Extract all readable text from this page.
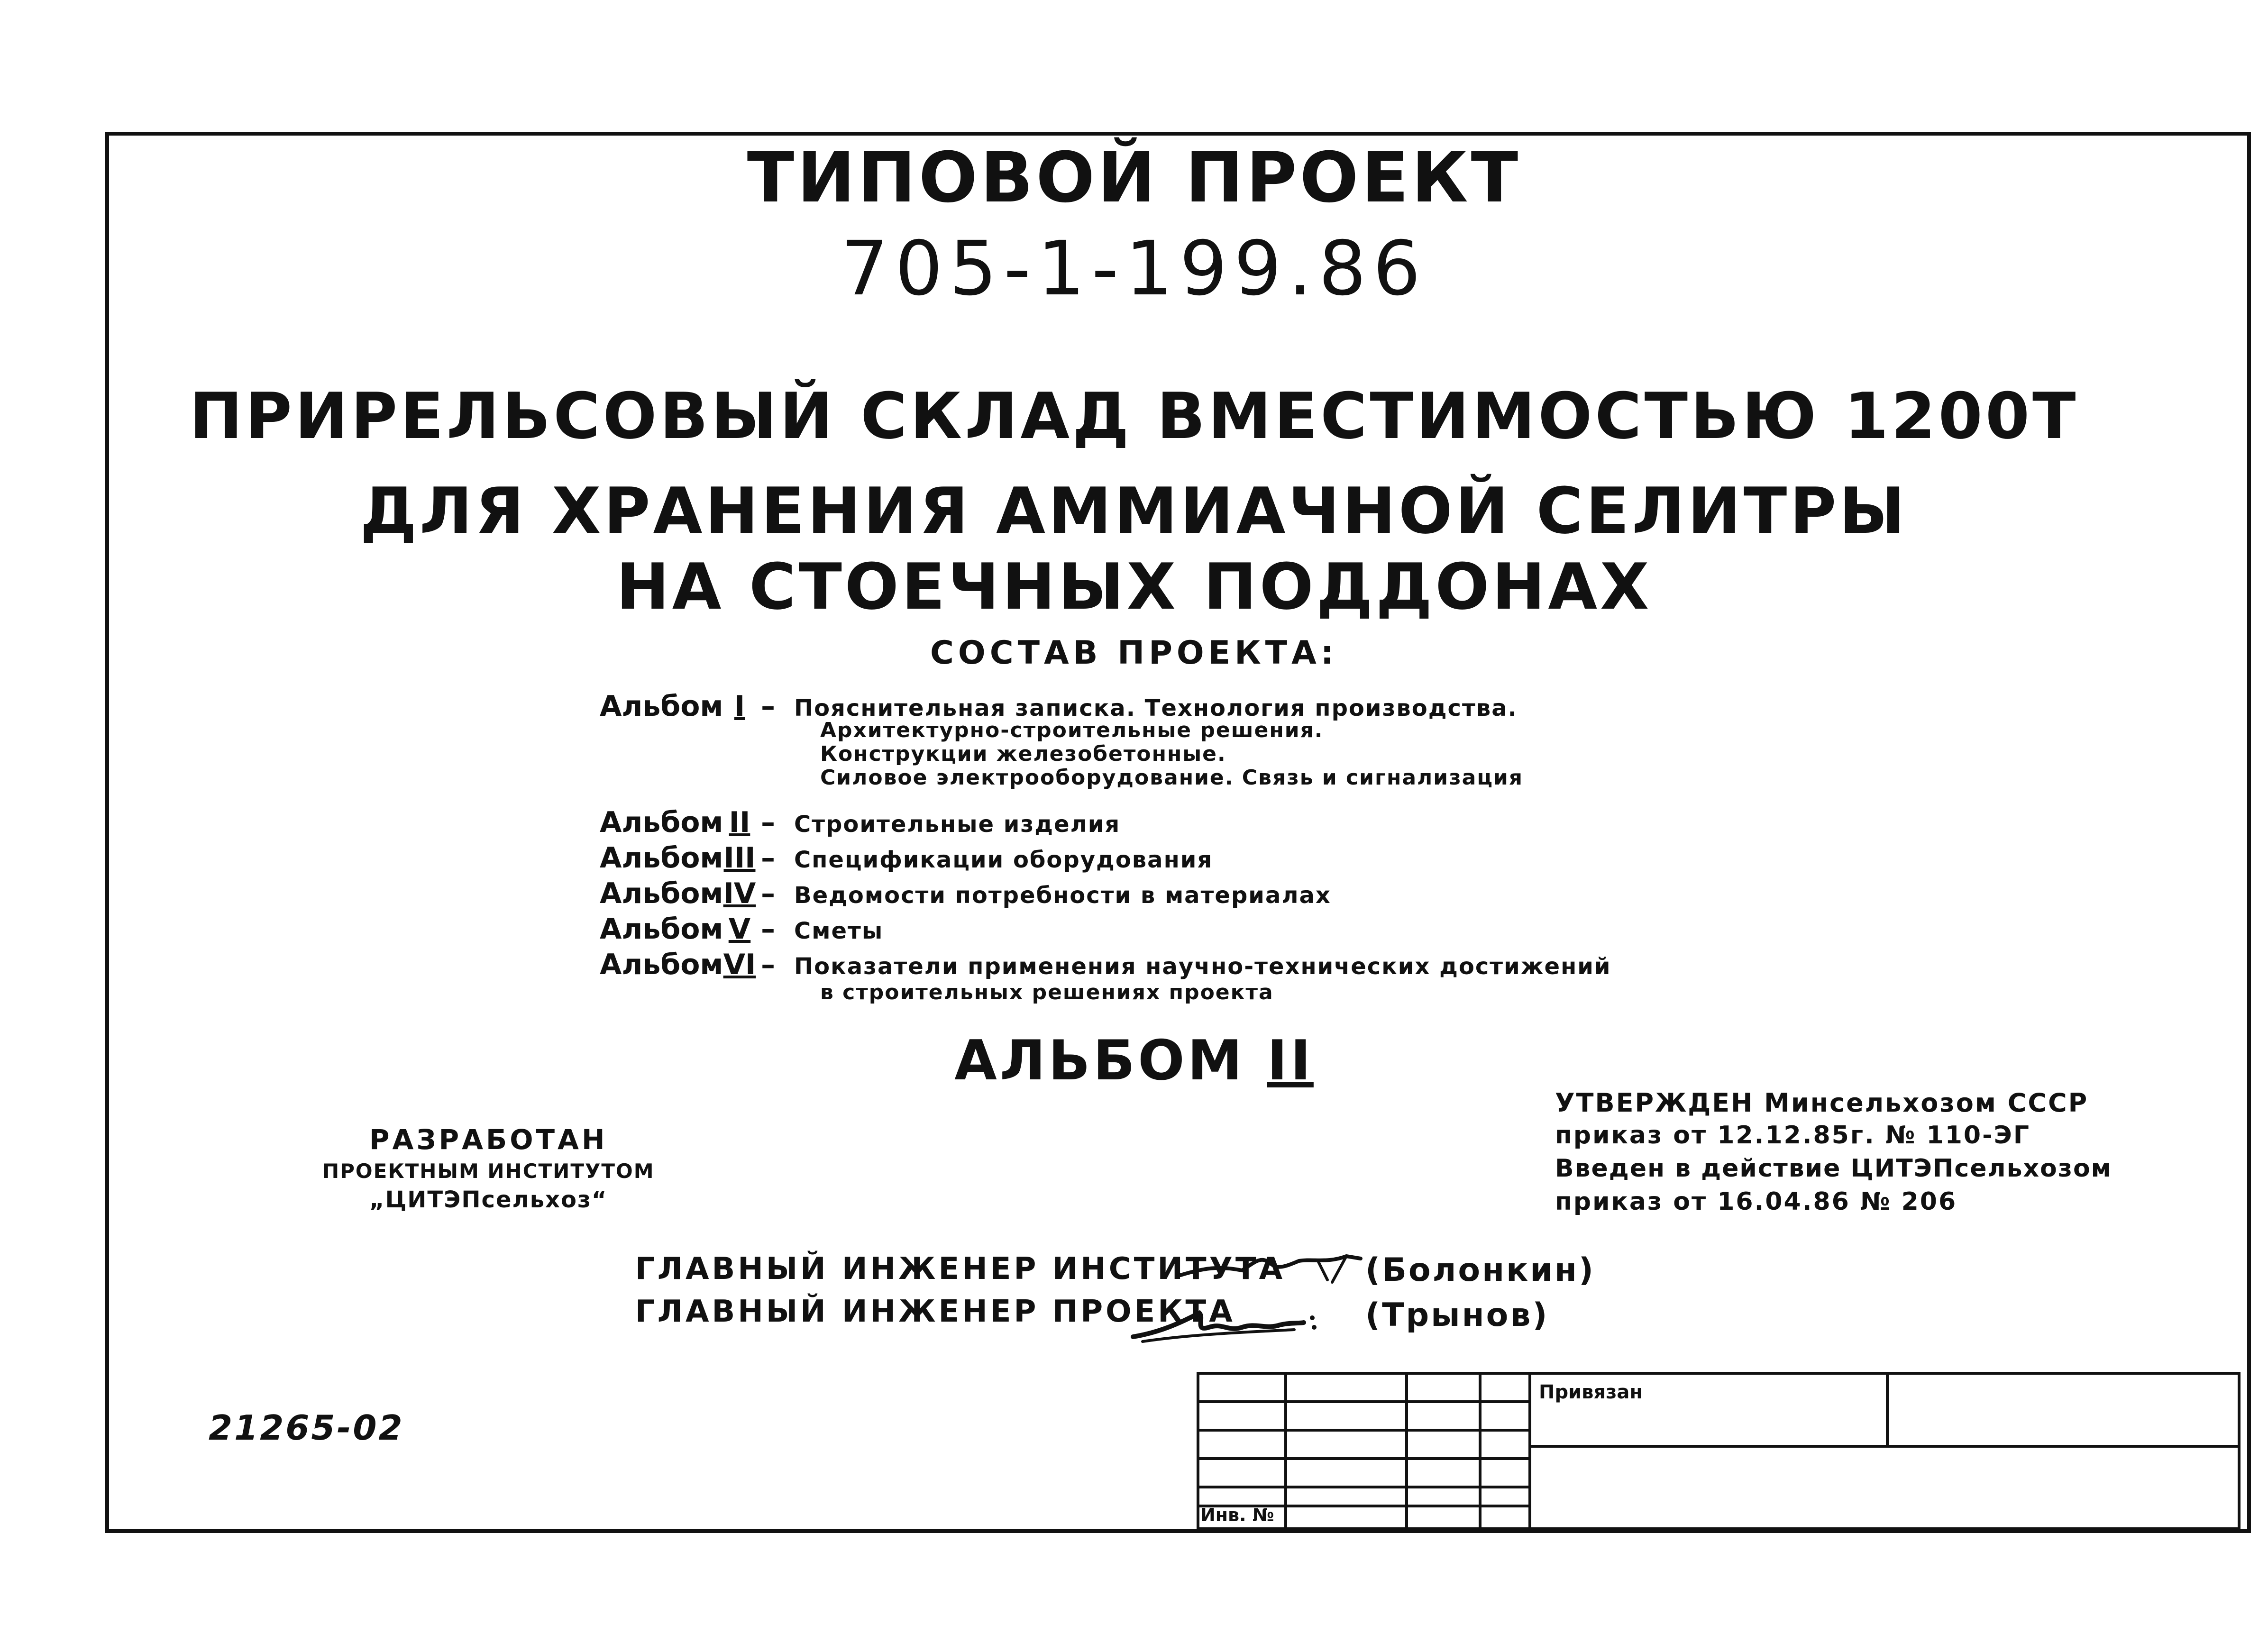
ТИПОВОЙ ПРОЕКТ
705-1-199.86
ПРИРЕЛЬСОВЫЙ СКЛАД ВМЕСТИМОСТЬЮ 1200Т
ДЛЯ ХРАНЕНИЯ АММИАЧНОЙ СЕЛИТРЫ
НА СТОЕЧНЫХ ПОДДОНАХ
СОСТАВ ПРОЕКТА:
Альбом I – Пояснительная записка. Технология производства.
Архитектурно-строительные решения.
Конструкции железобетонные.
Силовое электрооборудование. Связь и сигнализация
Альбом II – Строительные изделия
АльбомIII – Спецификации оборудования
АльбомIV – Ведомости потребности в материалах
Альбом V – Сметы
АльбомVI – Показатели применения научно-технических достижений
в строительных решениях проекта
АЛЬБОМ II
РАЗРАБОТАН
ПРОЕКТНЫМ ИНСТИТУТОМ
„ЦИТЭПсельхоз“
УТВЕРЖДЕН Минсельхозом СССР
приказ от 12.12.85г. № 110-ЭГ
Введен в действие ЦИТЭПсельхозом
приказ от 16.04.86 № 206
ГЛАВНЫЙ ИНЖЕНЕР ИНСТИТУТА
ГЛАВНЫЙ ИНЖЕНЕР ПРОЕКТА
(Болонкин)
(Трынов)
21265-02
Привязан
Инв. №
